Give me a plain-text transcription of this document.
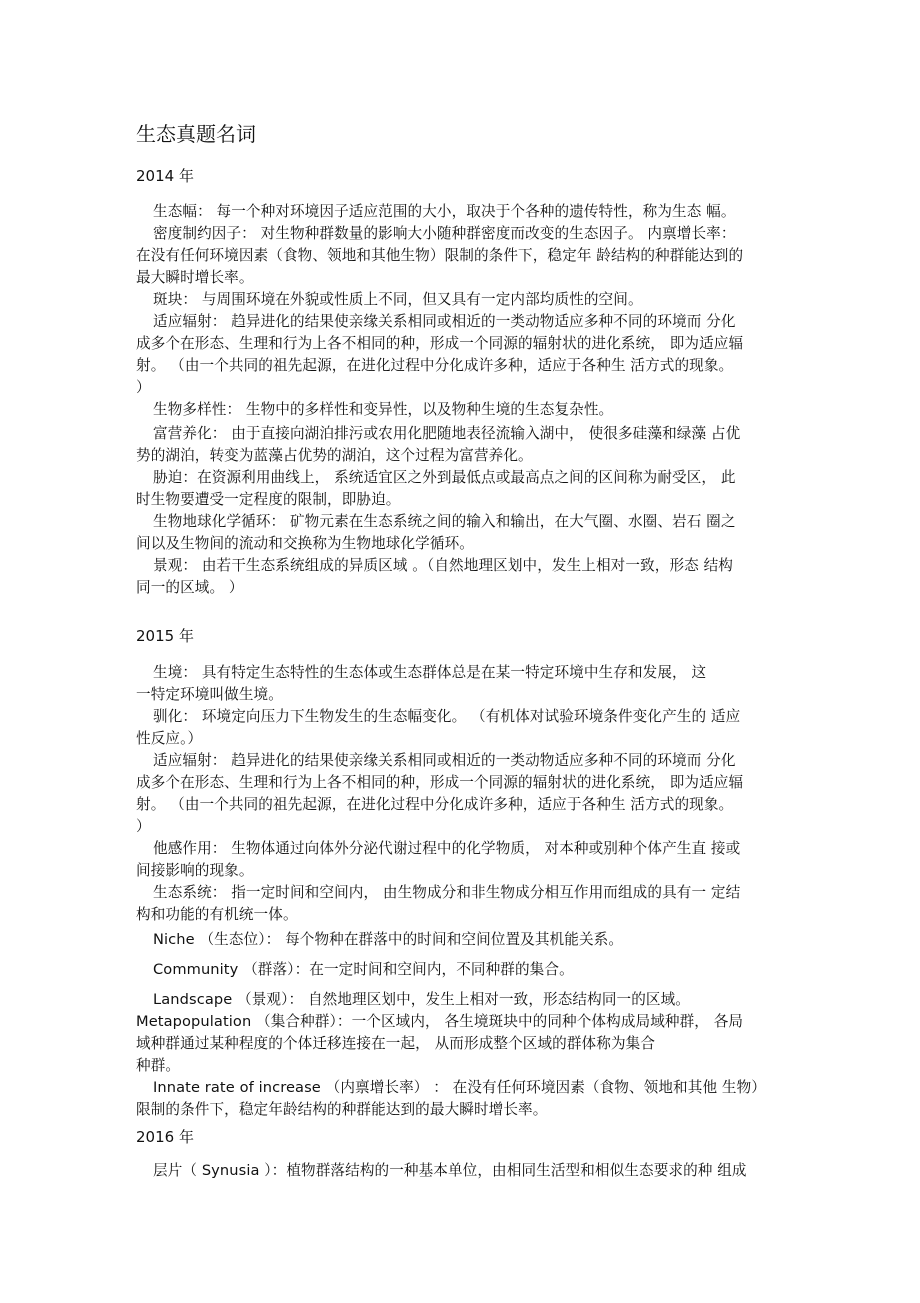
生态真题名词
2014 年
生态幅： 每一个种对环境因子适应范围的大小，取决于个各种的遗传特性，称为生态 幅。
密度制约因子： 对生物种群数量的影响大小随种群密度而改变的生态因子。 内禀增长率：
在没有任何环境因素（食物、领地和其他生物）限制的条件下，稳定年 龄结构的种群能达到的
最大瞬时增长率。
斑块： 与周围环境在外貌或性质上不同，但又具有一定内部均质性的空间。
适应辐射： 趋异进化的结果使亲缘关系相同或相近的一类动物适应多种不同的环境而 分化
成多个在形态、生理和行为上各不相同的种，形成一个同源的辐射状的进化系统， 即为适应辐
射。 （由一个共同的祖先起源，在进化过程中分化成许多种，适应于各种生 活方式的现象。
）
生物多样性： 生物中的多样性和变异性，以及物种生境的生态复杂性。
富营养化： 由于直接向湖泊排污或农用化肥随地表径流输入湖中， 使很多硅藻和绿藻 占优
势的湖泊，转变为蓝藻占优势的湖泊，这个过程为富营养化。
胁迫：在资源利用曲线上， 系统适宜区之外到最低点或最高点之间的区间称为耐受区， 此
时生物要遭受一定程度的限制，即胁迫。
生物地球化学循环： 矿物元素在生态系统之间的输入和输出，在大气圈、水圈、岩石 圈之
间以及生物间的流动和交换称为生物地球化学循环。
景观： 由若干生态系统组成的异质区域 。（自然地理区划中，发生上相对一致，形态 结构
同一的区域。 ）
2015 年
生境： 具有特定生态特性的生态体或生态群体总是在某一特定环境中生存和发展， 这
一特定环境叫做生境。
驯化： 环境定向压力下生物发生的生态幅变化。 （有机体对试验环境条件变化产生的 适应
性反应。）
适应辐射： 趋异进化的结果使亲缘关系相同或相近的一类动物适应多种不同的环境而 分化
成多个在形态、生理和行为上各不相同的种，形成一个同源的辐射状的进化系统， 即为适应辐
射。 （由一个共同的祖先起源，在进化过程中分化成许多种，适应于各种生 活方式的现象。
）
他感作用： 生物体通过向体外分泌代谢过程中的化学物质， 对本种或别种个体产生直 接或
间接影响的现象。
生态系统： 指一定时间和空间内， 由生物成分和非生物成分相互作用而组成的具有一 定结
构和功能的有机统一体。
Niche （生态位）： 每个物种在群落中的时间和空间位置及其机能关系。
Community （群落）：在一定时间和空间内，不同种群的集合。
Landscape （景观）： 自然地理区划中，发生上相对一致，形态结构同一的区域。
Metapopulation （集合种群）：一个区域内， 各生境斑块中的同种个体构成局域种群， 各局
域种群通过某种程度的个体迁移连接在一起， 从而形成整个区域的群体称为集合
种群。
Innate rate of increase （内禀增长率） ： 在没有任何环境因素（食物、领地和其他 生物）
限制的条件下，稳定年龄结构的种群能达到的最大瞬时增长率。
2016 年
层片（ Synusia ）：植物群落结构的一种基本单位，由相同生活型和相似生态要求的种 组成
